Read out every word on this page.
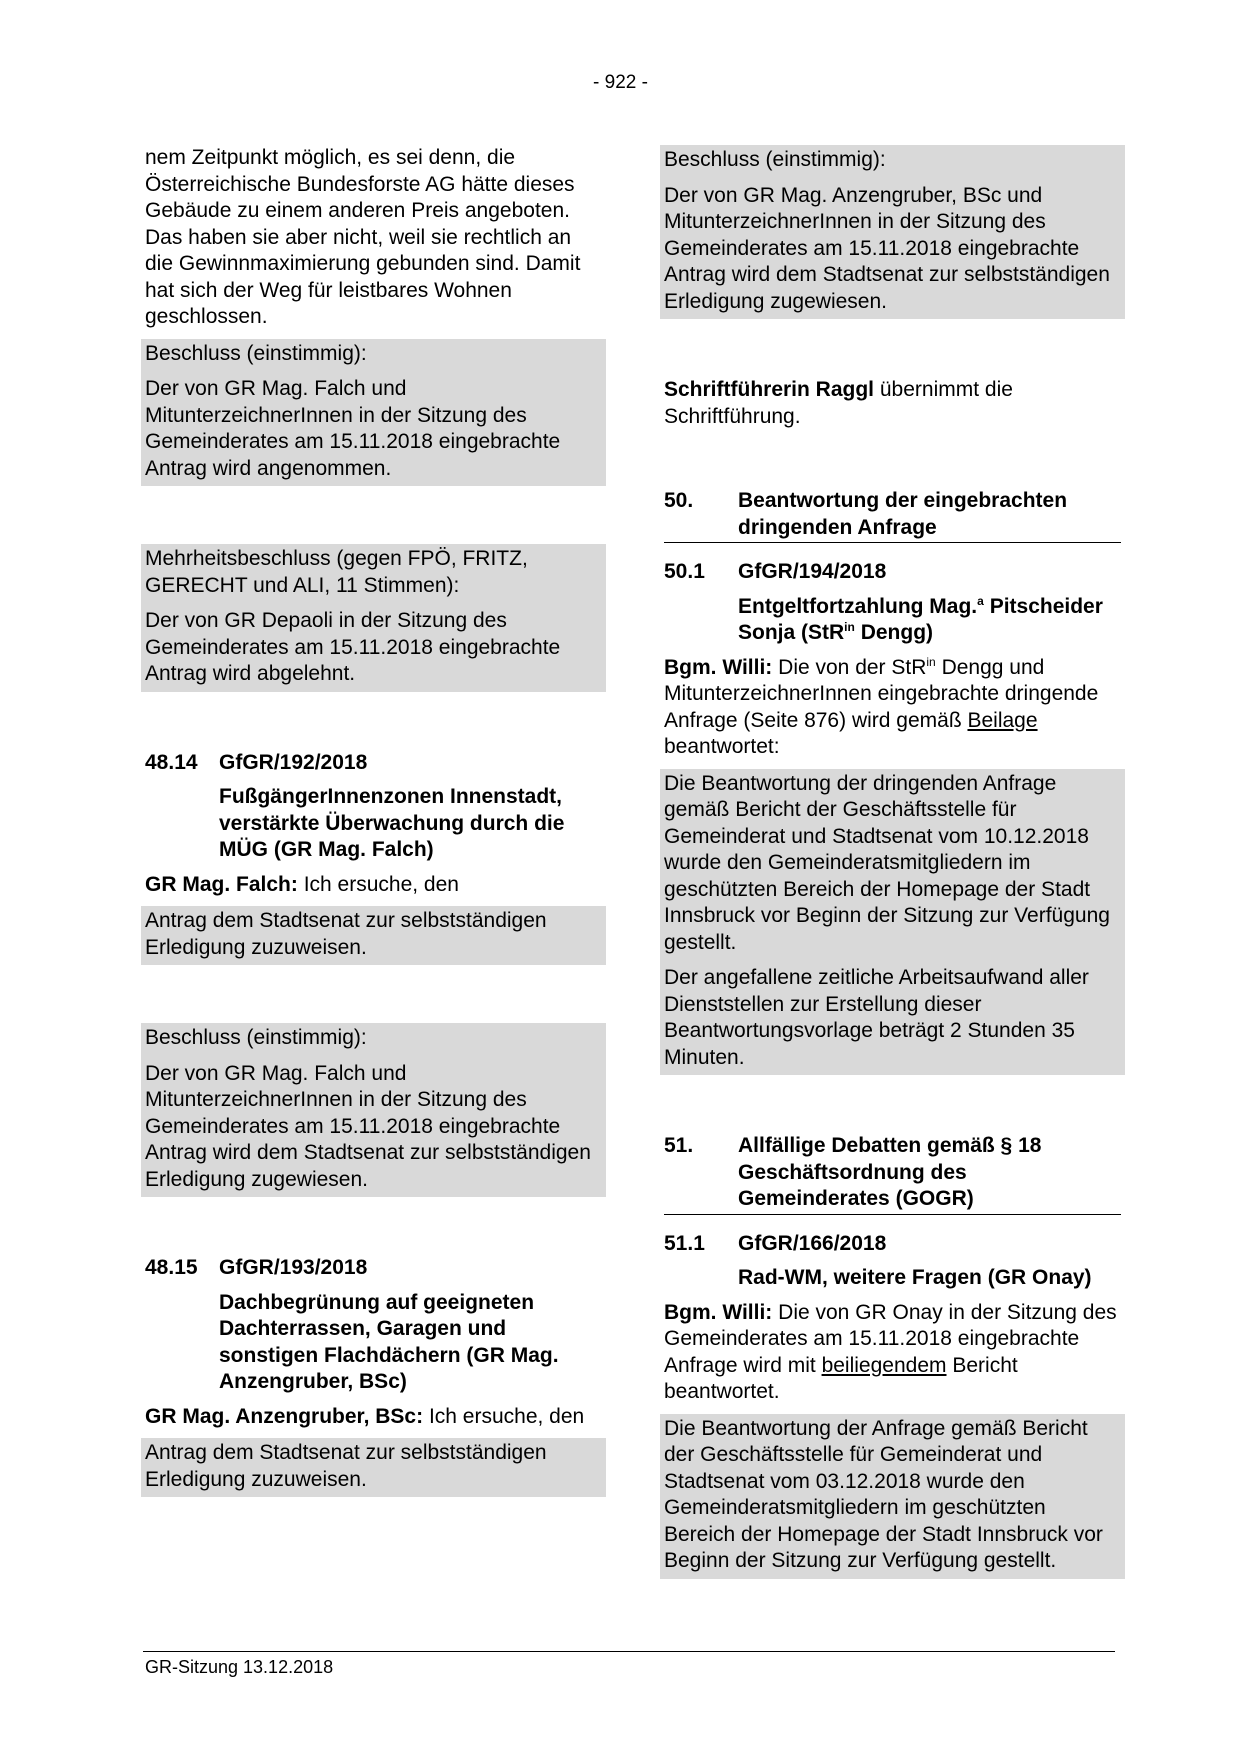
- 922 -
nem Zeitpunkt möglich, es sei denn, die Österreichische Bundesforste AG hätte dieses Gebäude zu einem anderen Preis angeboten. Das haben sie aber nicht, weil sie rechtlich an die Gewinnmaximierung gebunden sind. Damit hat sich der Weg für leistbares Wohnen geschlossen.
Beschluss (einstimmig):
Der von GR Mag. Falch und MitunterzeichnerInnen in der Sitzung des Gemeinderates am 15.11.2018 eingebrachte Antrag wird angenommen.
Mehrheitsbeschluss (gegen FPÖ, FRITZ, GERECHT und ALI, 11 Stimmen):
Der von GR Depaoli in der Sitzung des Gemeinderates am 15.11.2018 eingebrachte Antrag wird abgelehnt.
48.14	GfGR/192/2018
FußgängerInnenzonen Innenstadt, verstärkte Überwachung durch die MÜG (GR Mag. Falch)
GR Mag. Falch: Ich ersuche, den
Antrag dem Stadtsenat zur selbstständigen Erledigung zuzuweisen.
Beschluss (einstimmig):
Der von GR Mag. Falch und MitunterzeichnerInnen in der Sitzung des Gemeinderates am 15.11.2018 eingebrachte Antrag wird dem Stadtsenat zur selbstständigen Erledigung zugewiesen.
48.15	GfGR/193/2018
Dachbegrünung auf geeigneten Dachterrassen, Garagen und sonstigen Flachdächern (GR Mag. Anzengruber, BSc)
GR Mag. Anzengruber, BSc: Ich ersuche, den
Antrag dem Stadtsenat zur selbstständigen Erledigung zuzuweisen.
Beschluss (einstimmig):
Der von GR Mag. Anzengruber, BSc und MitunterzeichnerInnen in der Sitzung des Gemeinderates am 15.11.2018 eingebrachte Antrag wird dem Stadtsenat zur selbstständigen Erledigung zugewiesen.
Schriftführerin Raggl übernimmt die Schriftführung.
50.	Beantwortung der eingebrachten dringenden Anfrage
50.1	GfGR/194/2018
Entgeltfortzahlung Mag.$^a$ Pitscheider Sonja (StR$^{in}$ Dengg)
Bgm. Willi: Die von der StR$^{in}$ Dengg und MitunterzeichnerInnen eingebrachte dringende Anfrage (Seite 876) wird gemäß Beilage beantwortet:
Die Beantwortung der dringenden Anfrage gemäß Bericht der Geschäftsstelle für Gemeinderat und Stadtsenat vom 10.12.2018 wurde den Gemeinderatsmitgliedern im geschützten Bereich der Homepage der Stadt Innsbruck vor Beginn der Sitzung zur Verfügung gestellt.
Der angefallene zeitliche Arbeitsaufwand aller Dienststellen zur Erstellung dieser Beantwortungsvorlage beträgt 2 Stunden 35 Minuten.
51.	Allfällige Debatten gemäß § 18 Geschäftsordnung des Gemeinderates (GOGR)
51.1	GfGR/166/2018
Rad-WM, weitere Fragen (GR Onay)
Bgm. Willi: Die von GR Onay in der Sitzung des Gemeinderates am 15.11.2018 eingebrachte Anfrage wird mit beiliegendem Bericht beantwortet.
Die Beantwortung der Anfrage gemäß Bericht der Geschäftsstelle für Gemeinderat und Stadtsenat vom 03.12.2018 wurde den Gemeinderatsmitgliedern im geschützten Bereich der Homepage der Stadt Innsbruck vor Beginn der Sitzung zur Verfügung gestellt.
GR-Sitzung 13.12.2018
